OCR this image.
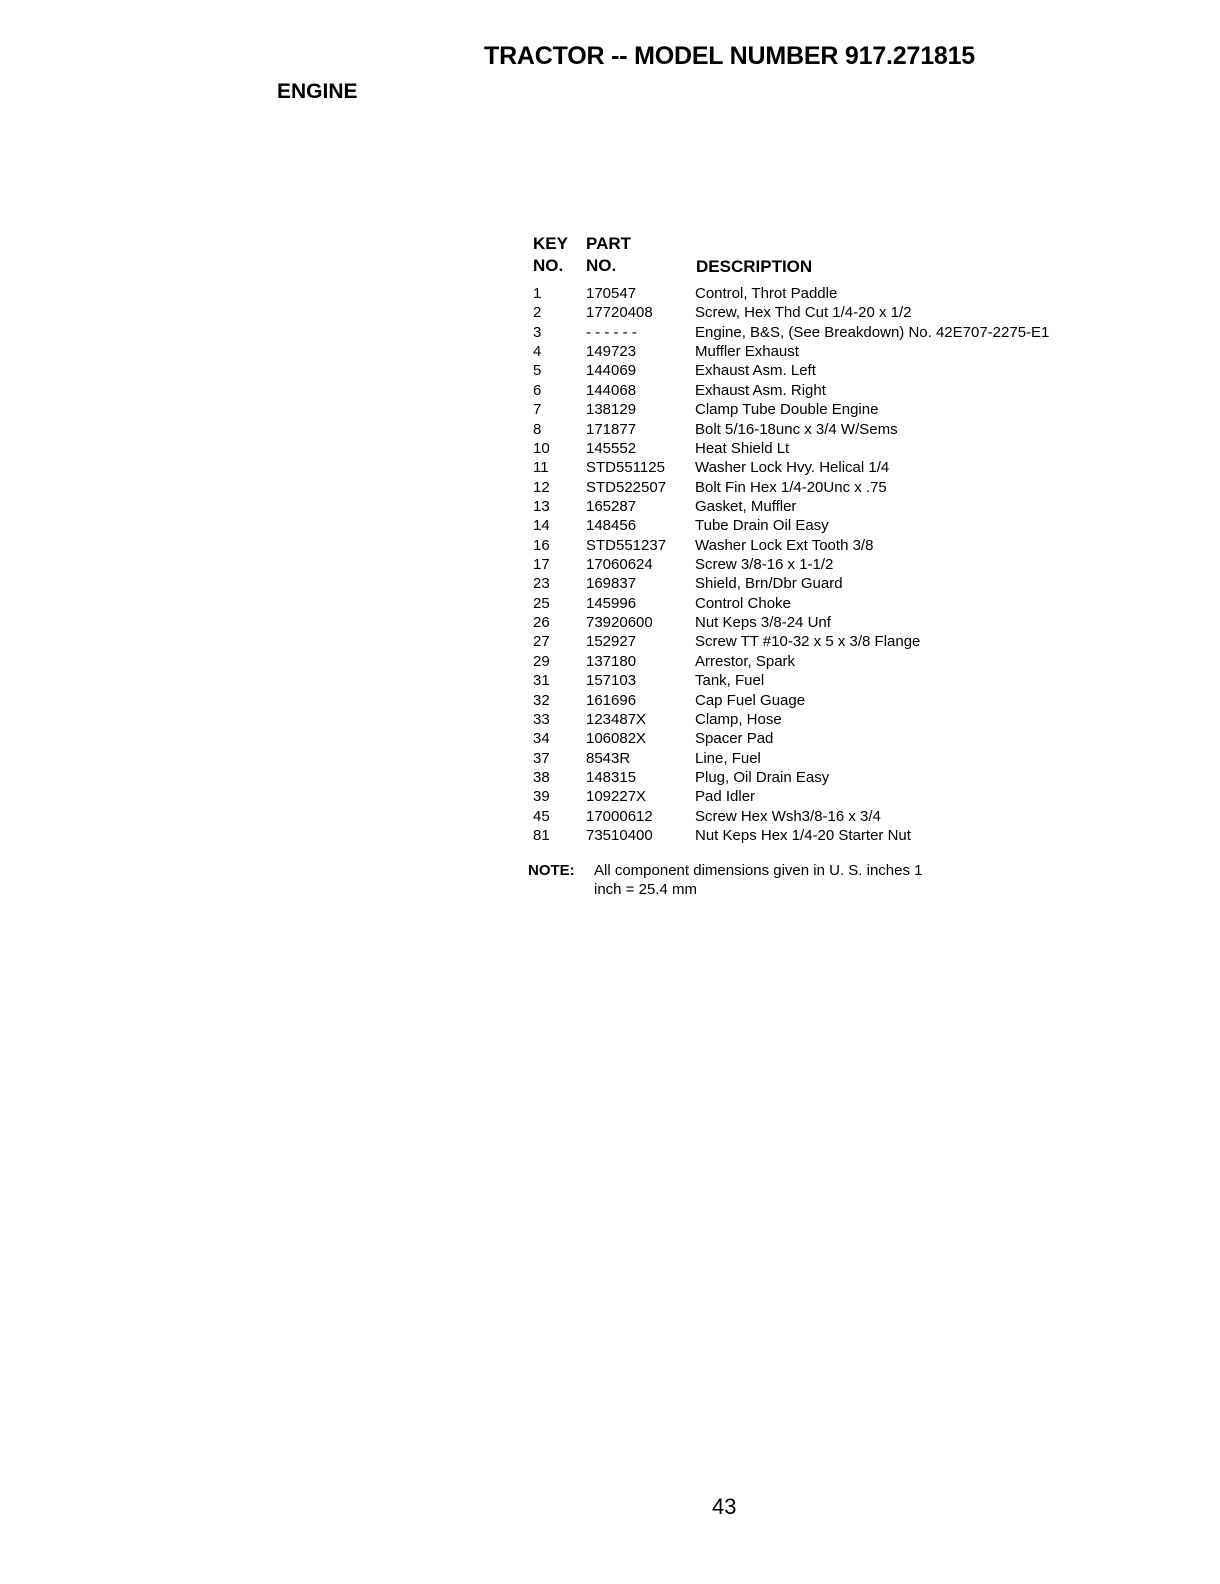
TRACTOR -- MODEL NUMBER 917.271815
ENGINE
KEY
NO.
PART
NO.	DESCRIPTION
1	170547	Control, Throt Paddle
2	17720408	Screw, Hex Thd Cut 1/4-20 x 1/2
3	- - - - - -	Engine, B&S, (See Breakdown) No. 42E707-2275-E1
4	149723	Muffler Exhaust
5	144069	Exhaust Asm. Left
6	144068	Exhaust Asm. Right
7	138129	Clamp Tube Double Engine
8	171877	Bolt 5/16-18unc x 3/4 W/Sems
10 145552	Heat Shield Lt
11 STD551125 Washer Lock Hvy. Helical 1/4
12 STD522507 Bolt Fin Hex 1/4-20Unc x .75
13 165287	Gasket, Muffler
14 148456	Tube Drain Oil Easy
16 STD551237 Washer Lock Ext Tooth 3/8
17 17060624	Screw 3/8-16 x 1-1/2
23 169837	Shield, Brn/Dbr Guard
25 145996	Control Choke
26 73920600	Nut Keps 3/8-24 Unf
27 152927	Screw TT #10-32 x 5 x 3/8 Flange
29 137180	Arrestor, Spark
31 157103	Tank, Fuel
32 161696	Cap Fuel Guage
33 123487X	Clamp, Hose
34 106082X	Spacer Pad
37 8543R	Line, Fuel
38 148315	Plug, Oil Drain Easy
39 109227X	Pad Idler
45 17000612	Screw Hex Wsh3/8-16 x 3/4
81 73510400	Nut Keps Hex 1/4-20 Starter Nut
NOTE: All component dimensions given in U. S. inches 1 inch = 25.4 mm
43
